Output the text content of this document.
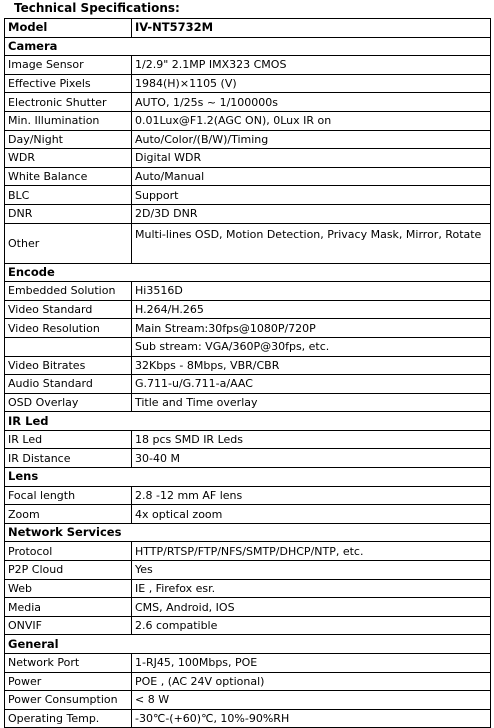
Technical Specifications:
Model	IV-NT5732M
Camera	
Image Sensor	1/2.9" 2.1MP IMX323 CMOS
Effective Pixels	1984(H)×1105 (V)
Electronic Shutter	AUTO, 1/25s ~ 1/100000s
Min. Illumination	0.01Lux@F1.2(AGC ON), 0Lux IR on
Day/Night	Auto/Color/(B/W)/Timing
WDR	Digital WDR
White Balance	Auto/Manual
BLC	Support
DNR	2D/3D DNR
Other	Multi-lines OSD, Motion Detection, Privacy Mask, Mirror, Rotate
Encode	
Embedded Solution	Hi3516D
Video Standard	H.264/H.265
Video Resolution	Main Stream:30fps@1080P/720P
	Sub stream: VGA/360P@30fps, etc.
Video Bitrates	32Kbps - 8Mbps, VBR/CBR
Audio Standard	G.711-u/G.711-a/AAC
OSD Overlay	Title and Time overlay
IR Led	
IR Led	18 pcs SMD IR Leds
IR Distance	30-40 M
Lens	
Focal length	2.8 -12 mm AF lens
Zoom	4x optical zoom
Network Services	
Protocol	HTTP/RTSP/FTP/NFS/SMTP/DHCP/NTP, etc.
P2P Cloud	Yes
Web	IE , Firefox esr.
Media	CMS, Android, IOS
ONVIF	2.6 compatible
General	
Network Port	1-RJ45, 100Mbps, POE
Power	POE , (AC 24V optional)
Power Consumption	< 8 W
Operating Temp.	-30℃-(+60)℃, 10%-90%RH
